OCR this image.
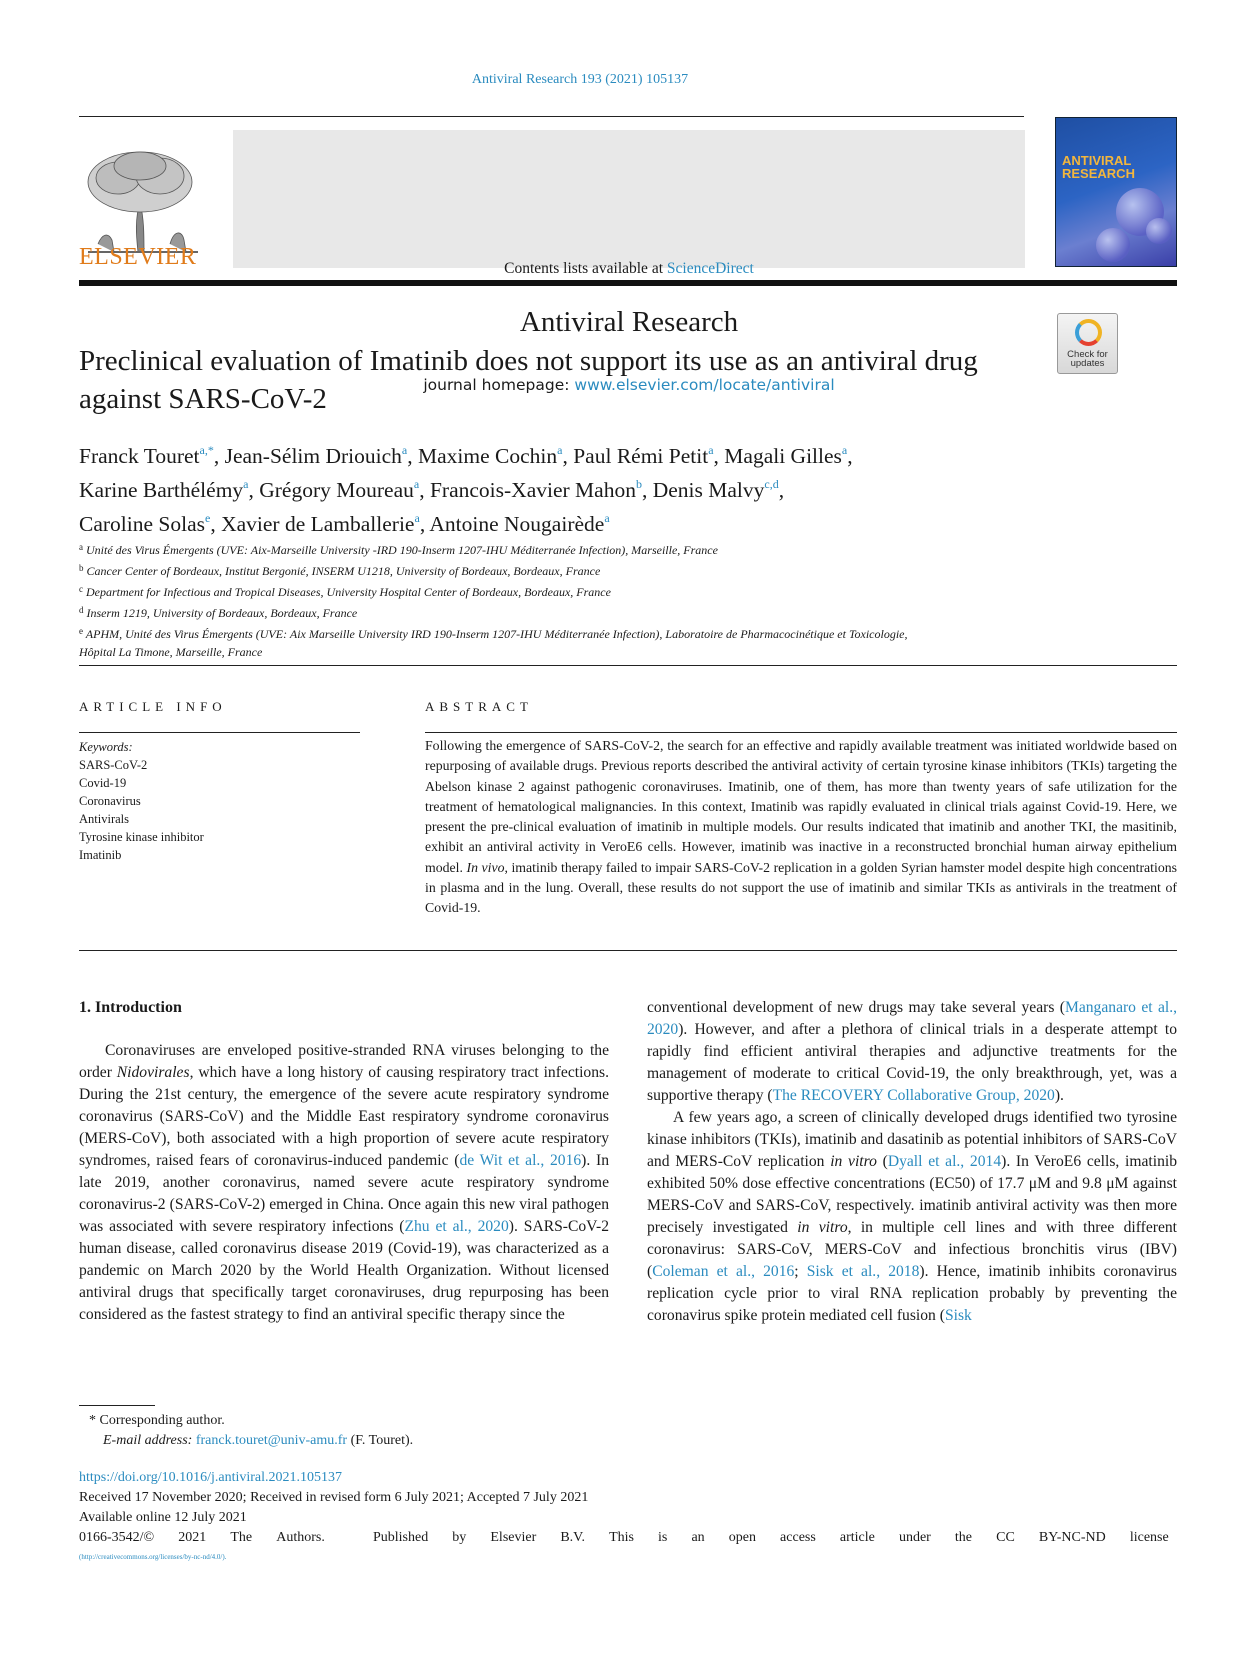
Antiviral Research 193 (2021) 105137
ELSEVIER	Contents lists available at ScienceDirect
Antiviral Research
journal homepage: www.elsevier.com/locate/antiviral
ANTIVIRAL
RESEARCH
Check for
updates
Preclinical evaluation of Imatinib does not support its use as an antiviral drug against SARS-CoV-2
Franck Touret$^{a,*}$, Jean-Sélim Driouich$^a$, Maxime Cochin$^a$, Paul Rémi Petit$^a$, Magali Gilles$^a$,
Karine Barthélémy$^a$, Grégory Moureau$^a$, Francois-Xavier Mahon$^b$, Denis Malvy$^{c,d}$,
Caroline Solas$^e$, Xavier de Lamballerie$^a$, Antoine Nougairède$^a$
$^a$ Unité des Virus Émergents (UVE: Aix-Marseille University -IRD 190-Inserm 1207-IHU Méditerranée Infection), Marseille, France
$^b$ Cancer Center of Bordeaux, Institut Bergonié, INSERM U1218, University of Bordeaux, Bordeaux, France
$^c$ Department for Infectious and Tropical Diseases, University Hospital Center of Bordeaux, Bordeaux, France
$^d$ Inserm 1219, University of Bordeaux, Bordeaux, France
$^e$ APHM, Unité des Virus Émergents (UVE: Aix Marseille University IRD 190-Inserm 1207-IHU Méditerranée Infection), Laboratoire de Pharmacocinétique et Toxicologie,
Hôpital La Timone, Marseille, France
ARTICLE INFO	ABSTRACT
Keywords:
SARS-CoV-2
Covid-19
Coronavirus
Antivirals
Tyrosine kinase inhibitor
Imatinib
Following the emergence of SARS-CoV-2, the search for an effective and rapidly available treatment was initiated worldwide based on repurposing of available drugs. Previous reports described the antiviral activity of certain tyrosine kinase inhibitors (TKIs) targeting the Abelson kinase 2 against pathogenic coronaviruses. Imatinib, one of them, has more than twenty years of safe utilization for the treatment of hematological malignancies. In this context, Imatinib was rapidly evaluated in clinical trials against Covid-19. Here, we present the pre-clinical evaluation of imatinib in multiple models. Our results indicated that imatinib and another TKI, the masitinib, exhibit an antiviral activity in VeroE6 cells. However, imatinib was inactive in a reconstructed bronchial human airway epithelium model. In vivo, imatinib therapy failed to impair SARS-CoV-2 replication in a golden Syrian hamster model despite high concentrations in plasma and in the lung. Overall, these results do not support the use of imatinib and similar TKIs as antivirals in the treatment of Covid-19.
1. Introduction

Coronaviruses are enveloped positive-stranded RNA viruses belonging to the order Nidovirales, which have a long history of causing respiratory tract infections. During the 21st century, the emergence of the severe acute respiratory syndrome coronavirus (SARS-CoV) and the Middle East respiratory syndrome coronavirus (MERS-CoV), both associated with a high proportion of severe acute respiratory syndromes, raised fears of coronavirus-induced pandemic (de Wit et al., 2016). In late 2019, another coronavirus, named severe acute respiratory syndrome coronavirus-2 (SARS-CoV-2) emerged in China. Once again this new viral pathogen was associated with severe respiratory infections (Zhu et al., 2020). SARS-CoV-2 human disease, called coronavirus disease 2019 (Covid-19), was characterized as a pandemic on March 2020 by the World Health Organization. Without licensed antiviral drugs that specifically target coronaviruses, drug repurposing has been considered as the fastest strategy to find an antiviral specific therapy since the

conventional development of new drugs may take several years (Manganaro et al., 2020). However, and after a plethora of clinical trials in a desperate attempt to rapidly find efficient antiviral therapies and adjunctive treatments for the management of moderate to critical Covid-19, the only breakthrough, yet, was a supportive therapy (The RECOVERY Collaborative Group, 2020).

A few years ago, a screen of clinically developed drugs identified two tyrosine kinase inhibitors (TKIs), imatinib and dasatinib as potential inhibitors of SARS-CoV and MERS-CoV replication in vitro (Dyall et al., 2014). In VeroE6 cells, imatinib exhibited 50% dose effective concentrations (EC50) of 17.7 μM and 9.8 μM against MERS-CoV and SARS-CoV, respectively. imatinib antiviral activity was then more precisely investigated in vitro, in multiple cell lines and with three different coronavirus: SARS-CoV, MERS-CoV and infectious bronchitis virus (IBV) (Coleman et al., 2016; Sisk et al., 2018). Hence, imatinib inhibits coronavirus replication cycle prior to viral RNA replication probably by preventing the coronavirus spike protein mediated cell fusion (Sisk

* Corresponding author.
E-mail address: franck.touret@univ-amu.fr (F. Touret).
https://doi.org/10.1016/j.antiviral.2021.105137
Received 17 November 2020; Received in revised form 6 July 2021; Accepted 7 July 2021
Available online 12 July 2021
0166-3542/© 2021 The Authors.	Published by Elsevier B.V. This is an open access article under the CC BY-NC-ND license
(http://creativecommons.org/licenses/by-nc-nd/4.0/).
